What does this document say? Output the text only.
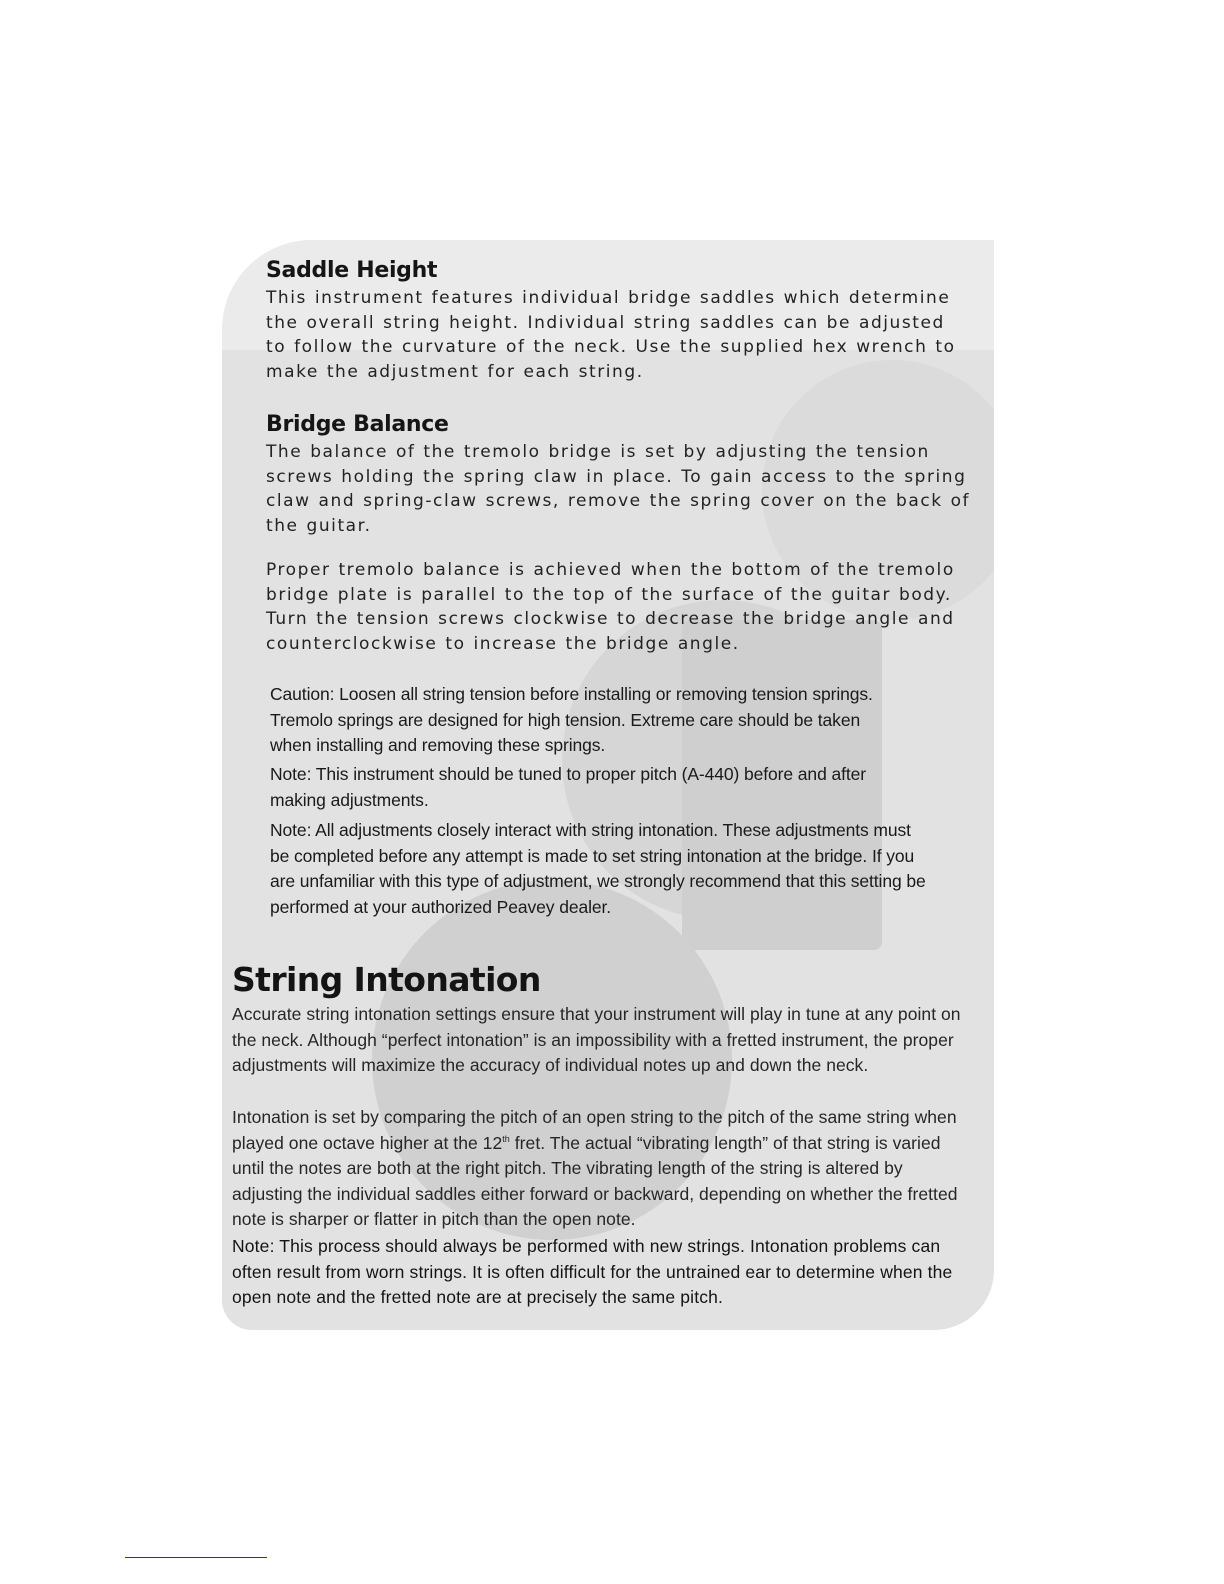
Saddle Height

This instrument features individual bridge saddles which determine the overall string height. Individual string saddles can be adjusted to follow the curvature of the neck. Use the supplied hex wrench to make the adjustment for each string.

Bridge Balance

The balance of the tremolo bridge is set by adjusting the tension screws holding the spring claw in place. To gain access to the spring claw and spring-claw screws, remove the spring cover on the back of the guitar.

Proper tremolo balance is achieved when the bottom of the tremolo bridge plate is parallel to the top of the surface of the guitar body. Turn the tension screws clockwise to decrease the bridge angle and counterclockwise to increase the bridge angle.

Caution: Loosen all string tension before installing or removing tension springs. Tremolo springs are designed for high tension. Extreme care should be taken when installing and removing these springs.

Note: This instrument should be tuned to proper pitch (A-440) before and after making adjustments.

Note: All adjustments closely interact with string intonation. These adjustments must be completed before any attempt is made to set string intonation at the bridge. If you are unfamiliar with this type of adjustment, we strongly recommend that this setting be performed at your authorized Peavey dealer.

String Intonation

Accurate string intonation settings ensure that your instrument will play in tune at any point on the neck. Although “perfect intonation” is an impossibility with a fretted instrument, the proper adjustments will maximize the accuracy of individual notes up and down the neck.

Intonation is set by comparing the pitch of an open string to the pitch of the same string when played one octave higher at the 12th fret. The actual “vibrating length” of that string is varied until the notes are both at the right pitch. The vibrating length of the string is altered by adjusting the individual saddles either forward or backward, depending on whether the fretted note is sharper or flatter in pitch than the open note.

Note: This process should always be performed with new strings. Intonation problems can often result from worn strings. It is often difficult for the untrained ear to determine when the open note and the fretted note are at precisely the same pitch.
